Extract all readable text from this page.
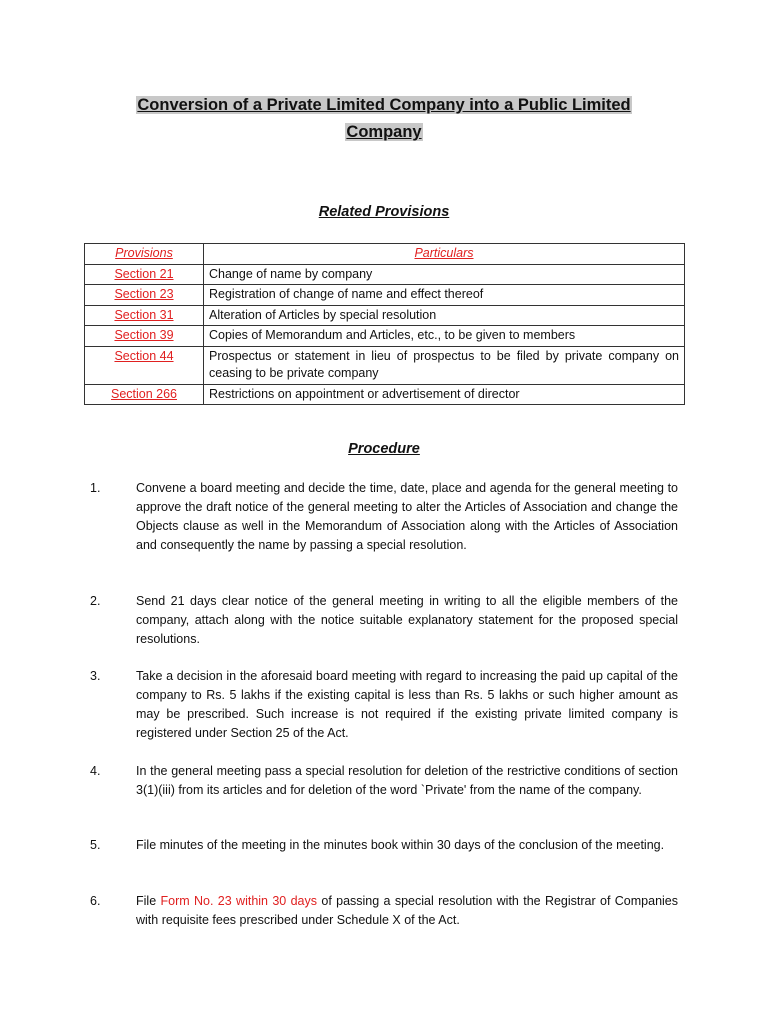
Conversion of a Private Limited Company into a Public Limited
Company
Related Provisions
Provisions	Particulars
Section 21	Change of name by company
Section 23	Registration of change of name and effect thereof
Section 31	Alteration of Articles by special resolution
Section 39	Copies of Memorandum and Articles, etc., to be given to members
Section 44	Prospectus or statement in lieu of prospectus to be filed by private company on ceasing to be private company
Section 266	Restrictions on appointment or advertisement of director
Procedure
1.	Convene a board meeting and decide the time, date, place and agenda for the general meeting to approve the draft notice of the general meeting to alter the Articles of Association and change the Objects clause as well in the Memorandum of Association along with the Articles of Association and consequently the name by passing a special resolution.
2.	Send 21 days clear notice of the general meeting in writing to all the eligible members of the company, attach along with the notice suitable explanatory statement for the proposed special resolutions.
3.	Take a decision in the aforesaid board meeting with regard to increasing the paid up capital of the company to Rs. 5 lakhs if the existing capital is less than Rs. 5 lakhs or such higher amount as may be prescribed. Such increase is not required if the existing private limited company is registered under Section 25 of the Act.
4.	In the general meeting pass a special resolution for deletion of the restrictive conditions of section 3(1)(iii) from its articles and for deletion of the word `Private' from the name of the company.
5.	File minutes of the meeting in the minutes book within 30 days of the conclusion of the meeting.
6.	File Form No. 23 within 30 days of passing a special resolution with the Registrar of Companies with requisite fees prescribed under Schedule X of the Act.
